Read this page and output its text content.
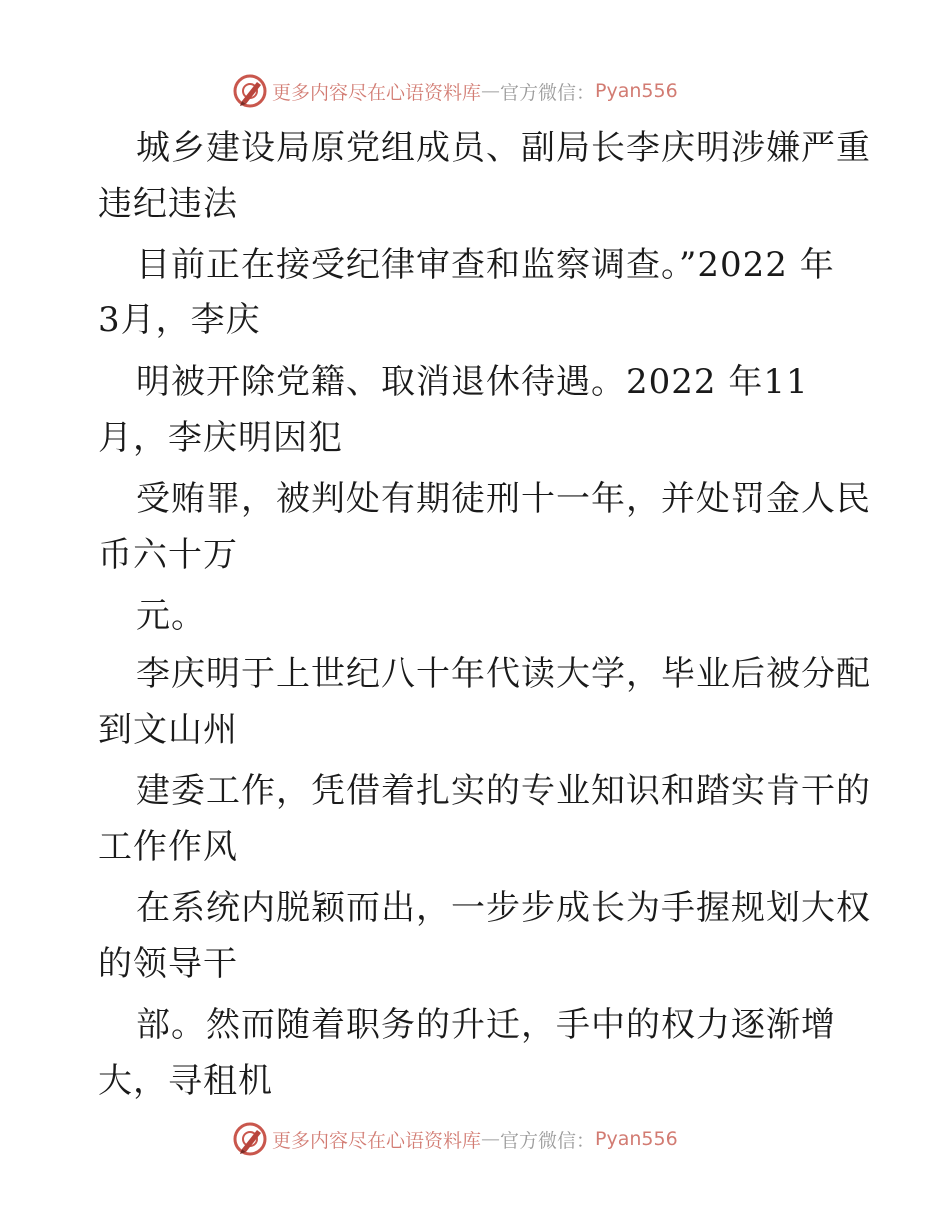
更多内容尽在心语资料库 — 官方微信： Pyan556

城乡建设局原党组成员、副局长李庆明涉嫌严重

违纪违法

目前正在接受纪律审查和监察调查。”2022 年

3月，李庆

明被开除党籍、取消退休待遇。2022 年11

月，李庆明因犯

受贿罪，被判处有期徒刑十一年，并处罚金人民

币六十万

元。

李庆明于上世纪八十年代读大学，毕业后被分配

到文山州

建委工作，凭借着扎实的专业知识和踏实肯干的

工作作风

在系统内脱颖而出，一步步成长为手握规划大权

的领导干

部。然而随着职务的升迁，手中的权力逐渐增

大，寻租机

更多内容尽在心语资料库 — 官方微信： Pyan556
